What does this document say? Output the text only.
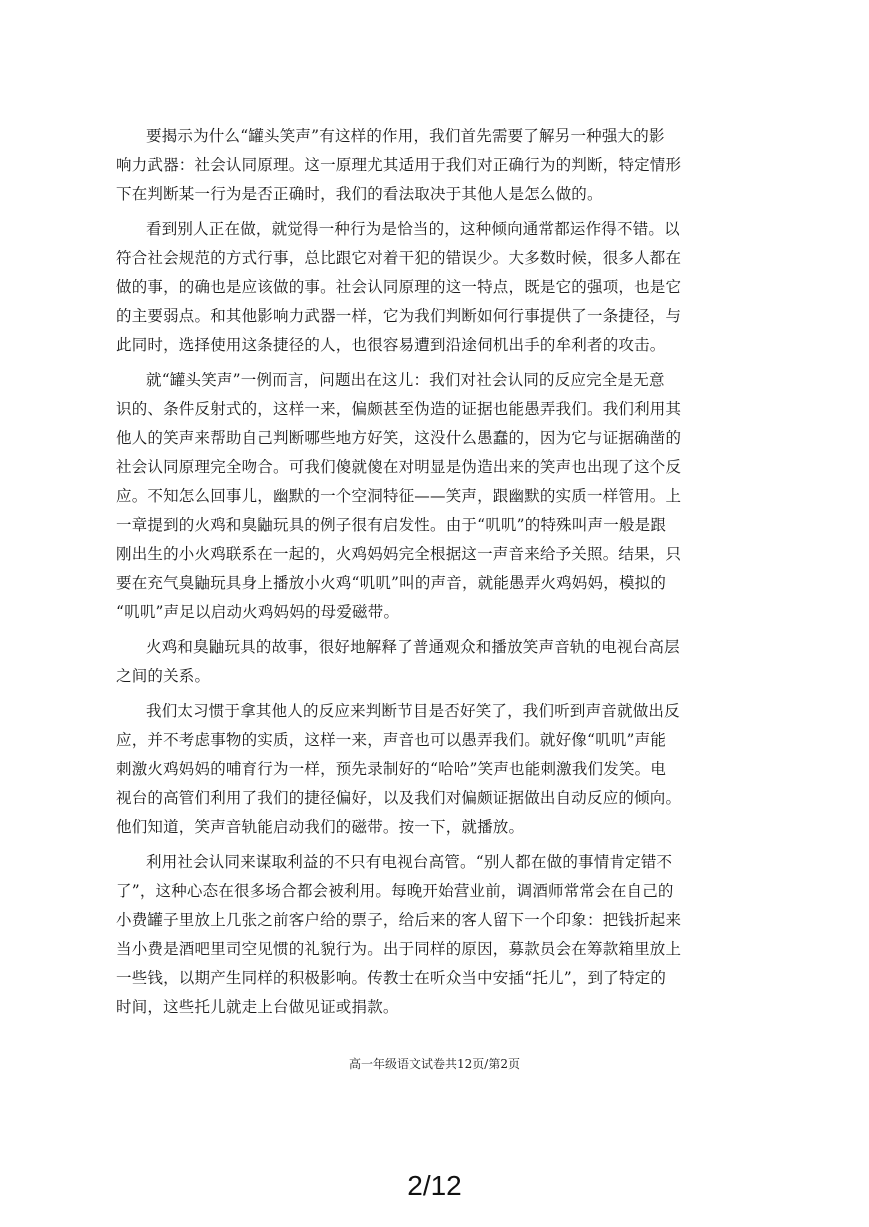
要揭示为什么“罐头笑声”有这样的作用，我们首先需要了解另一种强大的影
响力武器：社会认同原理。这一原理尤其适用于我们对正确行为的判断，特定情形
下在判断某一行为是否正确时，我们的看法取决于其他人是怎么做的。
看到别人正在做，就觉得一种行为是恰当的，这种倾向通常都运作得不错。以
符合社会规范的方式行事，总比跟它对着干犯的错误少。大多数时候，很多人都在
做的事，的确也是应该做的事。社会认同原理的这一特点，既是它的强项，也是它
的主要弱点。和其他影响力武器一样，它为我们判断如何行事提供了一条捷径，与
此同时，选择使用这条捷径的人，也很容易遭到沿途伺机出手的牟利者的攻击。
就“罐头笑声”一例而言，问题出在这儿：我们对社会认同的反应完全是无意
识的、条件反射式的，这样一来，偏颇甚至伪造的证据也能愚弄我们。我们利用其
他人的笑声来帮助自己判断哪些地方好笑，这没什么愚蠢的，因为它与证据确凿的
社会认同原理完全吻合。可我们傻就傻在对明显是伪造出来的笑声也出现了这个反
应。不知怎么回事儿，幽默的一个空洞特征——笑声，跟幽默的实质一样管用。上
一章提到的火鸡和臭鼬玩具的例子很有启发性。由于“叽叽”的特殊叫声一般是跟
刚出生的小火鸡联系在一起的，火鸡妈妈完全根据这一声音来给予关照。结果，只
要在充气臭鼬玩具身上播放小火鸡“叽叽”叫的声音，就能愚弄火鸡妈妈，模拟的
“叽叽”声足以启动火鸡妈妈的母爱磁带。
火鸡和臭鼬玩具的故事，很好地解释了普通观众和播放笑声音轨的电视台高层
之间的关系。
我们太习惯于拿其他人的反应来判断节目是否好笑了，我们听到声音就做出反
应，并不考虑事物的实质，这样一来，声音也可以愚弄我们。就好像“叽叽”声能
刺激火鸡妈妈的哺育行为一样，预先录制好的“哈哈”笑声也能刺激我们发笑。电
视台的高管们利用了我们的捷径偏好，以及我们对偏颇证据做出自动反应的倾向。
他们知道，笑声音轨能启动我们的磁带。按一下，就播放。
利用社会认同来谋取利益的不只有电视台高管。“别人都在做的事情肯定错不
了”，这种心态在很多场合都会被利用。每晚开始营业前，调酒师常常会在自己的
小费罐子里放上几张之前客户给的票子，给后来的客人留下一个印象：把钱折起来
当小费是酒吧里司空见惯的礼貌行为。出于同样的原因，募款员会在筹款箱里放上
一些钱，以期产生同样的积极影响。传教士在听众当中安插“托儿”，到了特定的
时间，这些托儿就走上台做见证或捐款。
高一年级语文试卷共12页/第2页
2/12
